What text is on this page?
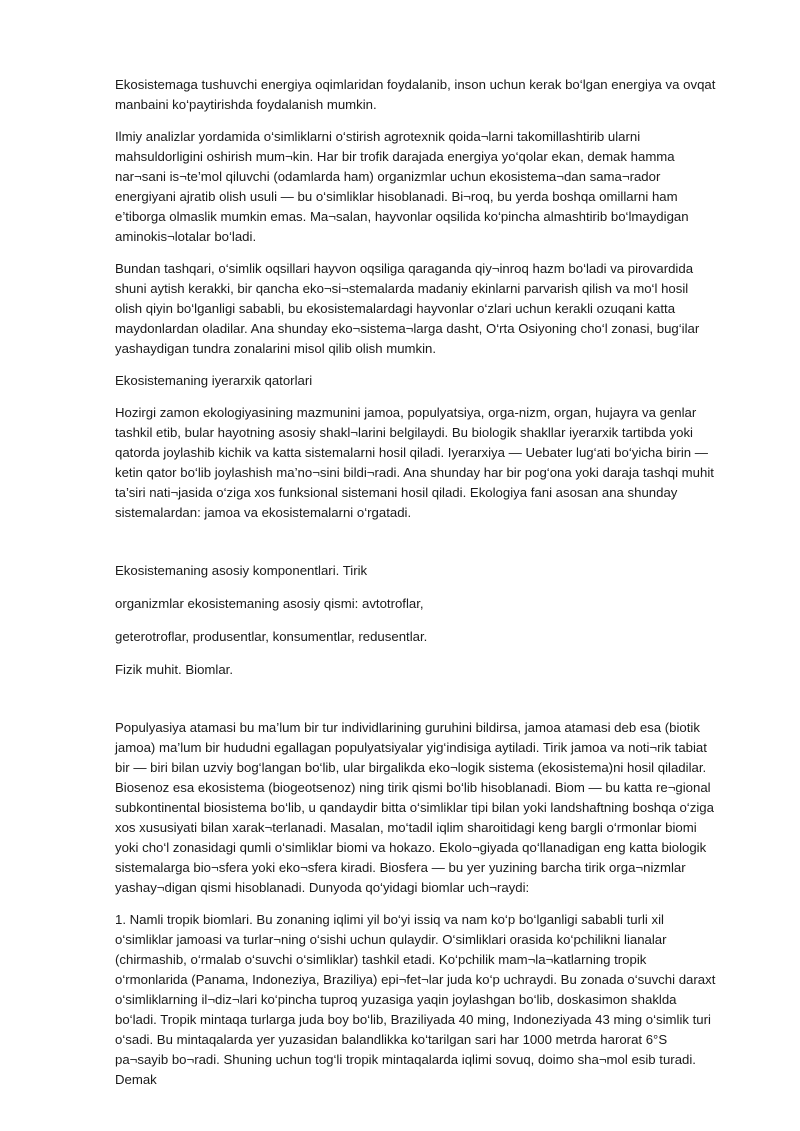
Ekosistemaga tushuvchi energiya oqimlaridan foydalanib, inson uchun kerak bo‘lgan energiya va ovqat manbaini ko‘paytirishda foydalanish mumkin.

Ilmiy analizlar yordamida o‘simliklarni o‘stirish agrotexnik qoida¬larni takomillashtirib ularni mahsuldorligini oshirish mum¬kin. Har bir trofik darajada energiya yo‘qolar ekan, demak hamma nar¬sani is¬te’mol qiluvchi (odamlarda ham) organizmlar uchun ekosistema¬dan sama¬rador energiyani ajratib olish usuli — bu o‘simliklar hisoblanadi. Bi¬roq, bu yerda boshqa omillarni ham e’tiborga olmaslik mumkin emas. Ma¬salan, hayvonlar oqsilida ko‘pincha almashtirib bo‘lmaydigan aminokis¬lotalar bo‘ladi.

Bundan tashqari, o‘simlik oqsillari hayvon oqsiliga qaraganda qiy¬inroq hazm bo‘ladi va pirovardida shuni aytish kerakki, bir qancha eko¬si¬stemalarda madaniy ekinlarni parvarish qilish va mo‘l hosil olish qiyin bo‘lganligi sababli, bu ekosistemalardagi hayvonlar o‘zlari uchun kerakli ozuqani katta maydonlardan oladilar. Ana shunday eko¬sistema¬larga dasht, O‘rta Osiyoning cho‘l zonasi, bug‘ilar yashaydigan tundra zonalarini misol qilib olish mumkin.

Ekosistemaning iyerarxik qatorlari

Hozirgi zamon ekologiyasining mazmunini jamoa, populyatsiya, orga-nizm, organ, hujayra va genlar tashkil etib, bular hayotning asosiy shakl¬larini belgilaydi. Bu biologik shakllar iyerarxik tartibda yoki qatorda joylashib kichik va katta sistemalarni hosil qiladi. Iyerarxiya — Uebater lug‘ati bo‘yicha birin — ketin qator bo‘lib joylashish ma’no¬sini bildi¬radi. Ana shunday har bir pog‘ona yoki daraja tashqi muhit ta’siri nati¬jasida o‘ziga xos funksional sistemani hosil qiladi. Ekologiya fani asosan ana shunday sistemalardan: jamoa va ekosistemalarni o‘rgatadi.

Ekosistemaning asosiy komponentlari. Tirik

organizmlar ekosistemaning asosiy qismi: avtotroflar,

geterotroflar, produsentlar, konsumentlar, redusentlar.

Fizik muhit. Biomlar.

Populyasiya atamasi bu ma’lum bir tur individlarining guruhini bildirsa, jamoa atamasi deb esa (biotik jamoa) ma’lum bir hududni egallagan populyatsiyalar yig‘indisiga aytiladi. Tirik jamoa va noti¬rik tabiat bir — biri bilan uzviy bog‘langan bo‘lib, ular birgalikda eko¬logik sistema (ekosistema)ni hosil qiladilar. Biosenoz esa ekosistema (biogeotsenoz) ning tirik qismi bo‘lib hisoblanadi. Biom — bu katta re¬gional subkontinental biosistema bo‘lib, u qandaydir bitta o‘simliklar tipi bilan yoki landshaftning boshqa o‘ziga xos xususiyati bilan xarak¬terlanadi. Masalan, mo‘tadil iqlim sharoitidagi keng bargli o‘rmonlar biomi yoki cho‘l zonasidagi qumli o‘simliklar biomi va hokazo. Ekolo¬giyada qo‘llanadigan eng katta biologik sistemalarga bio¬sfera yoki eko¬sfera kiradi. Biosfera — bu yer yuzining barcha tirik orga¬nizmlar yashay¬digan qismi hisoblanadi. Dunyoda qo‘yidagi biomlar uch¬raydi:

1. Namli tropik biomlari. Bu zonaning iqlimi yil bo‘yi issiq va nam ko‘p bo‘lganligi sababli turli xil o‘simliklar jamoasi va turlar¬ning o‘sishi uchun qulaydir. O‘simliklari orasida ko‘pchilikni lianalar (chirmashib, o‘rmalab o‘suvchi o‘simliklar) tashkil etadi. Ko‘pchilik mam¬la¬katlarning tropik o‘rmonlarida (Panama, Indoneziya, Braziliya) epi¬fet¬lar juda ko‘p uchraydi. Bu zonada o‘suvchi daraxt o‘simliklarning il¬diz¬lari ko‘pincha tuproq yuzasiga yaqin joylashgan bo‘lib, doskasimon shaklda bo‘ladi. Tropik mintaqa turlarga juda boy bo‘lib, Braziliyada 40 ming, Indoneziyada 43 ming o‘simlik turi o‘sadi. Bu mintaqalarda yer yuzasidan balandlikka ko‘tarilgan sari har 1000 metrda harorat 6°S pa¬sayib bo¬radi. Shuning uchun tog‘li tropik mintaqalarda iqlimi sovuq, doimo sha¬mol esib turadi. Demak
